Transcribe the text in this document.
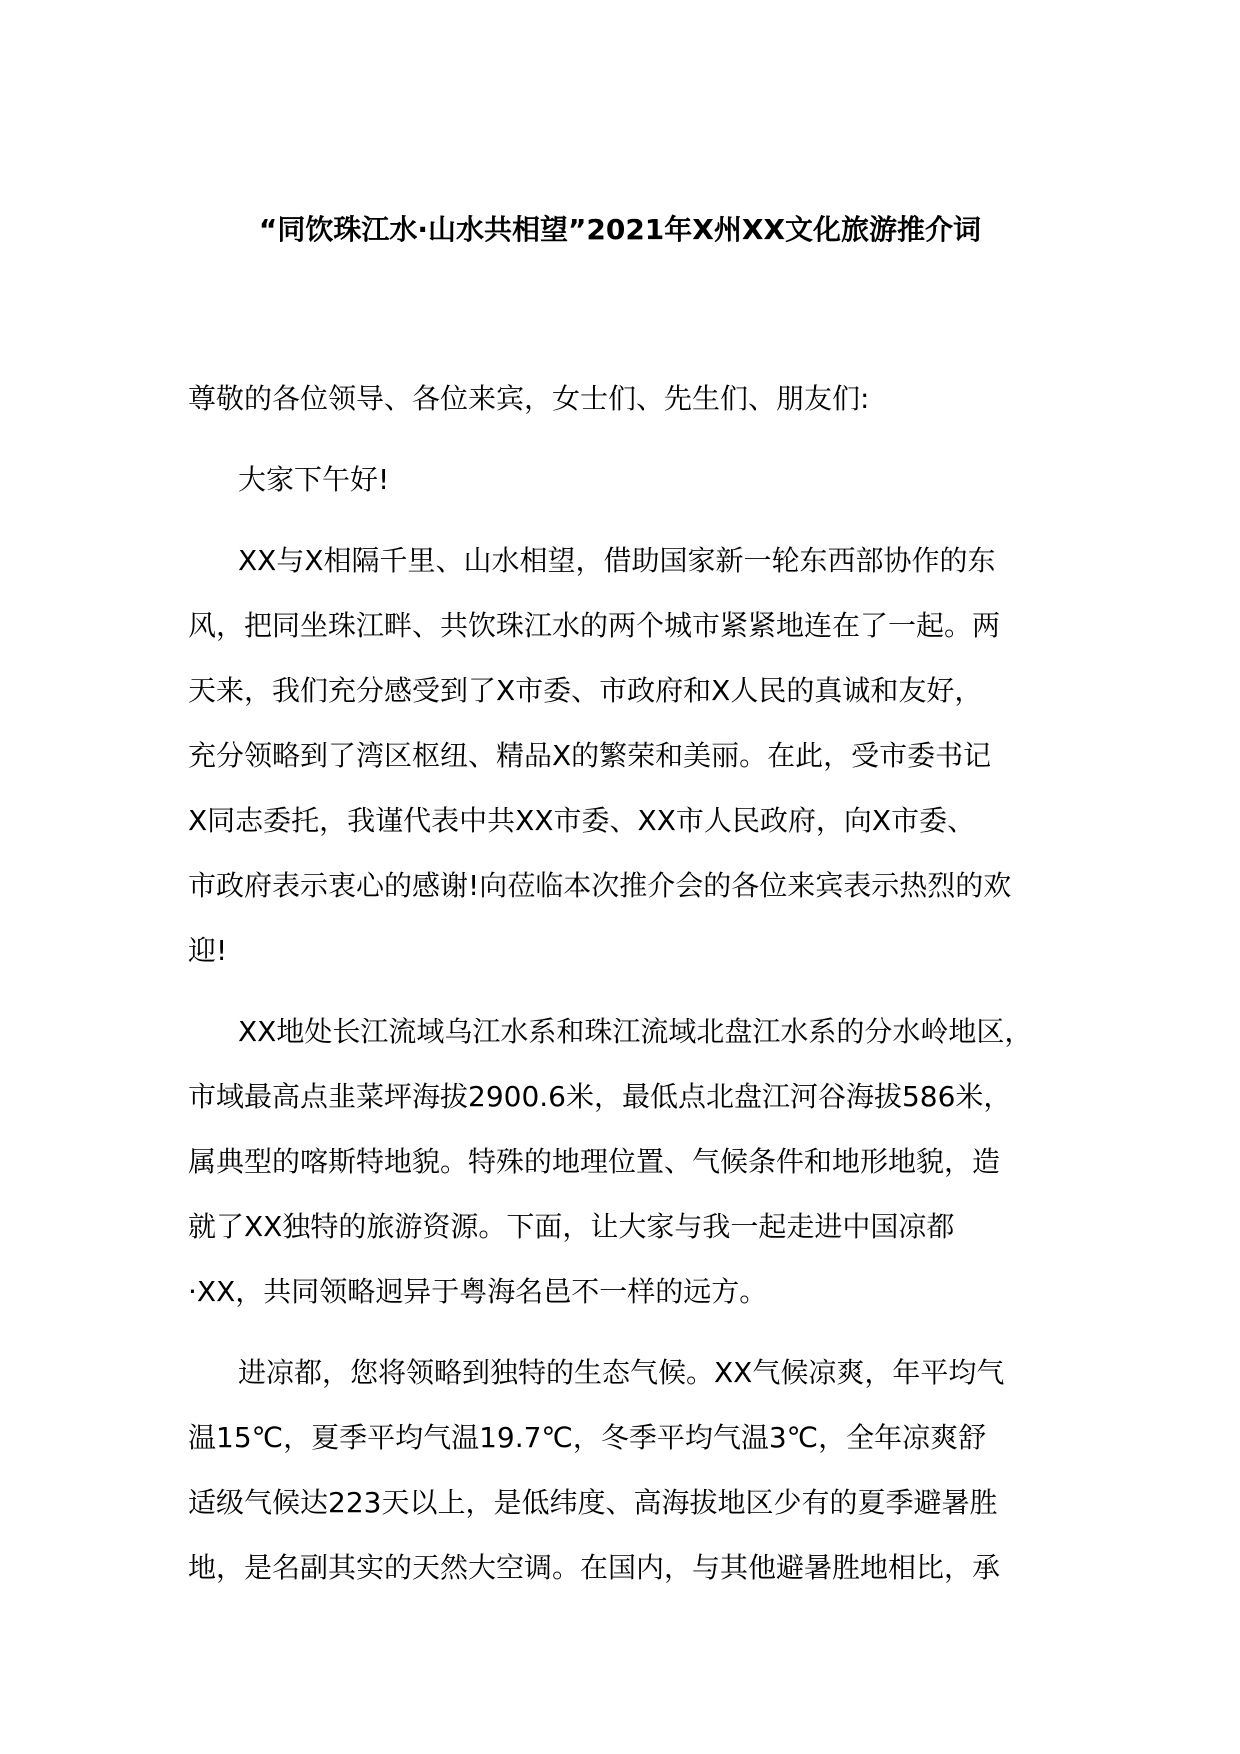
“同饮珠江水·山水共相望”2021年X州XX文化旅游推介词

尊敬的各位领导、各位来宾，女士们、先生们、朋友们:

大家下午好!

XX与X相隔千里、山水相望，借助国家新一轮东西部协作的东

风，把同坐珠江畔、共饮珠江水的两个城市紧紧地连在了一起。两

天来，我们充分感受到了X市委、市政府和X人民的真诚和友好，

充分领略到了湾区枢纽、精品X的繁荣和美丽。在此，受市委书记

X同志委托，我谨代表中共XX市委、XX市人民政府，向X市委、

市政府表示衷心的感谢!向莅临本次推介会的各位来宾表示热烈的欢

迎!

XX地处长江流域乌江水系和珠江流域北盘江水系的分水岭地区，

市域最高点韭菜坪海拔2900.6米，最低点北盘江河谷海拔586米，

属典型的喀斯特地貌。特殊的地理位置、气候条件和地形地貌，造

就了XX独特的旅游资源。下面，让大家与我一起走进中国凉都

·XX，共同领略迥异于粤海名邑不一样的远方。

进凉都，您将领略到独特的生态气候。XX气候凉爽，年平均气

温15℃，夏季平均气温19.7℃，冬季平均气温3℃，全年凉爽舒

适级气候达223天以上，是低纬度、高海拔地区少有的夏季避暑胜

地，是名副其实的天然大空调。在国内，与其他避暑胜地相比，承
